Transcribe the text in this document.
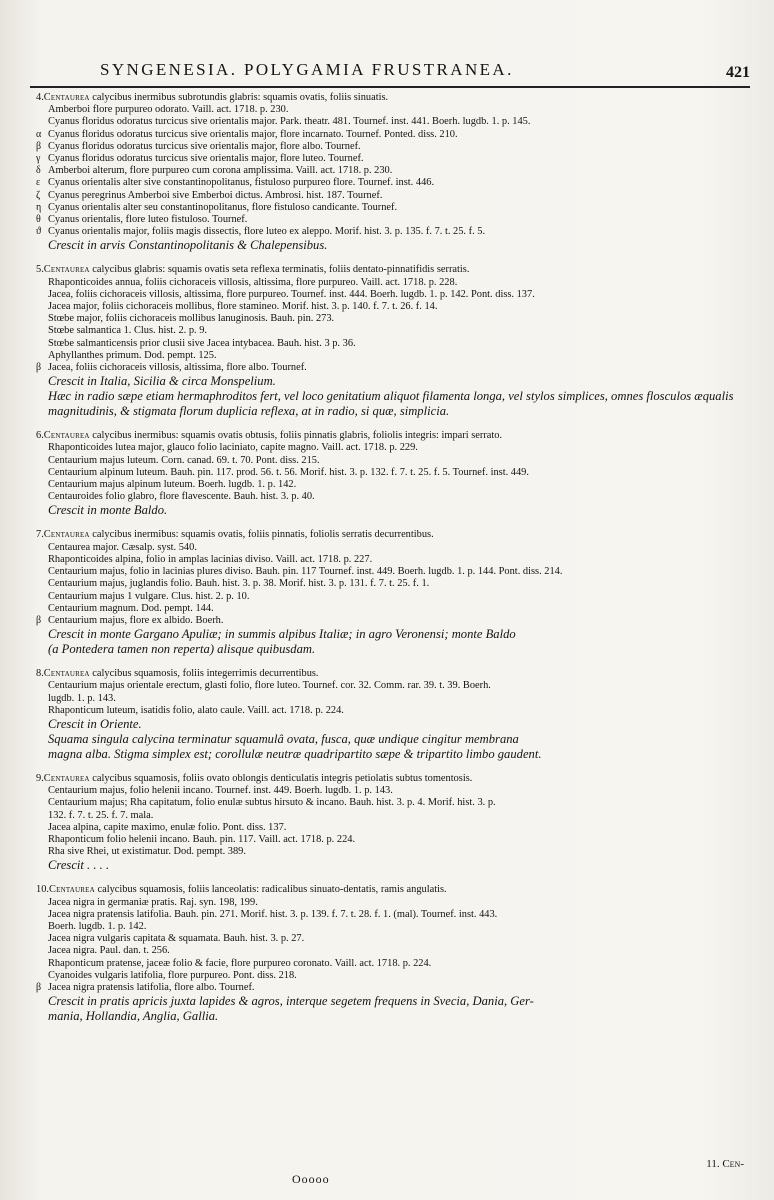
SYNGENESIA. POLYGAMIA FRUSTRANEA.	421
4.Centaurea calycibus inermibus subrotundis glabris: squamis ovatis, foliis sinuatis.
Amberboi flore purpureo odorato. Vaill. act. 1718. p. 230.
Cyanus floridus odoratus turcicus sive orientalis major. Park. theatr. 481. Tournef. inst. 441. Boerh. lugdb. 1. p. 145.
α Cyanus floridus odoratus turcicus sive orientalis major, flore incarnato. Tournef. Ponted. diss. 210.
β Cyanus floridus odoratus turcicus sive orientalis major, flore albo. Tournef.
γ Cyanus floridus odoratus turcicus sive orientalis major, flore luteo. Tournef.
δ Amberboi alterum, flore purpureo cum corona amplissima. Vaill. act. 1718. p. 230.
ε Cyanus orientalis alter sive constantinopolitanus, fistuloso purpureo flore. Tournef. inst. 446.
ζ Cyanus peregrinus Amberboi sive Emberboi dictus. Ambrosi. hist. 187. Tournef.
η Cyanus orientalis alter seu constantinopolitanus, flore fistuloso candicante. Tournef.
θ Cyanus orientalis, flore luteo fistuloso. Tournef.
ϑ Cyanus orientalis major, foliis magis dissectis, flore luteo ex aleppo. Morif. hist. 3. p. 135. f. 7. t. 25. f. 5.
Crescit in arvis Constantinopolitanis & Chalepensibus.
5.Centaurea calycibus glabris: squamis ovatis seta reflexa terminatis, foliis dentato-pinnatifidis serratis.
Rhaponticoides annua, foliis cichoraceis villosis, altissima, flore purpureo. Vaill. act. 1718. p. 228.
Jacea, foliis cichoraceis villosis, altissima, flore purpureo. Tournef. inst. 444. Boerh. lugdb. 1. p. 142. Pont. diss. 137.
Jacea major, foliis cichoraceis mollibus, flore stamineo. Morif. hist. 3. p. 140. f. 7. t. 26. f. 14.
Stœbe major, foliis cichoraceis mollibus lanuginosis. Bauh. pin. 273.
Stœbe salmantica 1. Clus. hist. 2. p. 9.
Stœbe salmanticensis prior clusii sive Jacea intybacea. Bauh. hist. 3 p. 36.
Aphyllanthes primum. Dod. pempt. 125.
β Jacea, foliis cichoraceis villosis, altissima, flore albo. Tournef.
Crescit in Italia, Sicilia & circa Monspelium.
Hæc in radio sæpe etiam hermaphroditos fert, vel loco genitatium aliquot filamenta longa, vel stylos simplices, omnes flosculos æqualis magnitudinis, & stigmata florum duplicia reflexa, at in radio, si quæ, simplicia.
6.Centaurea calycibus inermibus: squamis ovatis obtusis, foliis pinnatis glabris, foliolis integris: impari serrato.
Rhaponticoides lutea major, glauco folio laciniato, capite magno. Vaill. act. 1718. p. 229.
Centaurium majus luteum. Corn. canad. 69. t. 70. Pont. diss. 215.
Centaurium alpinum luteum. Bauh. pin. 117. prod. 56. t. 56. Morif. hist. 3. p. 132. f. 7. t. 25. f. 5. Tournef. inst. 449.
Centaurium majus alpinum luteum. Boerh. lugdb. 1. p. 142.
Centauroides folio glabro, flore flavescente. Bauh. hist. 3. p. 40.
Crescit in monte Baldo.
7.Centaurea calycibus inermibus: squamis ovatis, foliis pinnatis, foliolis serratis decurrentibus.
Centaurea major. Cæsalp. syst. 540.
Rhaponticoides alpina, folio in amplas lacinias diviso. Vaill. act. 1718. p. 227.
Centaurium majus, folio in lacinias plures diviso. Bauh. pin. 117 Tournef. inst. 449. Boerh. lugdb. 1. p. 144. Pont. diss. 214.
Centaurium majus, juglandis folio. Bauh. hist. 3. p. 38. Morif. hist. 3. p. 131. f. 7. t. 25. f. 1.
Centaurium majus 1 vulgare. Clus. hist. 2. p. 10.
Centaurium magnum. Dod. pempt. 144.
β Centaurium majus, flore ex albido. Boerh.
Crescit in monte Gargano Apuliæ; in summis alpibus Italiæ; in agro Veronensi; monte Baldo
(a Pontedera tamen non reperta) alisque quibusdam.
8.Centaurea calycibus squamosis, foliis integerrimis decurrentibus.
Centaurium majus orientale erectum, glasti folio, flore luteo. Tournef. cor. 32. Comm. rar. 39. t. 39. Boerh.
lugdb. 1. p. 143.
Rhaponticum luteum, isatidis folio, alato caule. Vaill. act. 1718. p. 224.
Crescit in Oriente.
Squama singula calycina terminatur squamulâ ovata, fusca, quæ undique cingitur membrana
magna alba. Stigma simplex est; corollulæ neutræ quadripartito sæpe & tripartito limbo gaudent.
9.Centaurea calycibus squamosis, foliis ovato oblongis denticulatis integris petiolatis subtus tomentosis.
Centaurium majus, folio helenii incano. Tournef. inst. 449. Boerh. lugdb. 1. p. 143.
Centaurium majus; Rha capitatum, folio enulæ subtus hirsuto & incano. Bauh. hist. 3. p. 4. Morif. hist. 3. p.
132. f. 7. t. 25. f. 7. mala.
Jacea alpina, capite maximo, enulæ folio. Pont. diss. 137.
Rhaponticum folio helenii incano. Bauh. pin. 117. Vaill. act. 1718. p. 224.
Rha sive Rhei, ut existimatur. Dod. pempt. 389.
Crescit . . . .
10.Centaurea calycibus squamosis, foliis lanceolatis: radicalibus sinuato-dentatis, ramis angulatis.
Jacea nigra in germaniæ pratis. Raj. syn. 198, 199.
Jacea nigra pratensis latifolia. Bauh. pin. 271. Morif. hist. 3. p. 139. f. 7. t. 28. f. 1. (mal). Tournef. inst. 443.
Boerh. lugdb. 1. p. 142.
Jacea nigra vulgaris capitata & squamata. Bauh. hist. 3. p. 27.
Jacea nigra. Paul. dan. t. 256.
Rhaponticum pratense, jaceæ folio & facie, flore purpureo coronato. Vaill. act. 1718. p. 224.
Cyanoides vulgaris latifolia, flore purpureo. Pont. diss. 218.
β Jacea nigra pratensis latifolia, flore albo. Tournef.
Crescit in pratis apricis juxta lapides & agros, interque segetem frequens in Svecia, Dania, Ger-
mania, Hollandia, Anglia, Gallia.
11. Cen-
Ooooo
